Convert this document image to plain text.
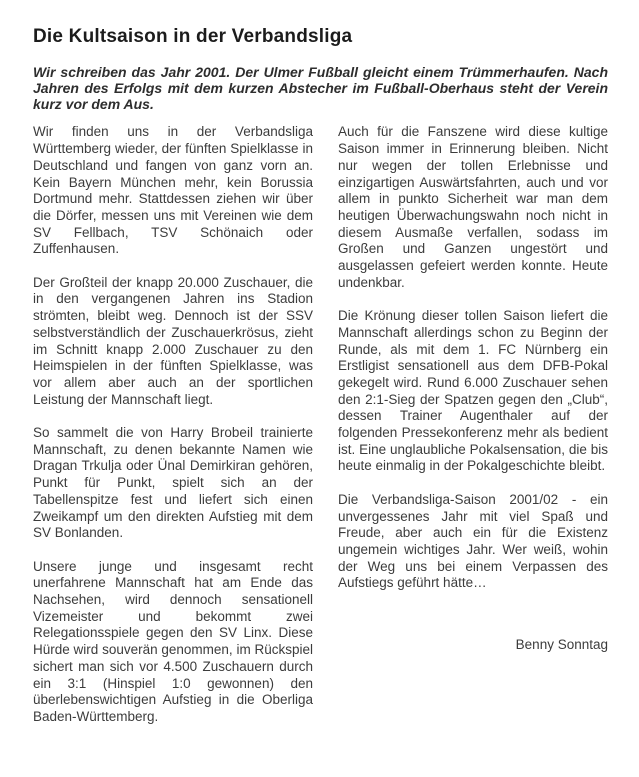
Die Kultsaison in der Verbandsliga

Wir schreiben das Jahr 2001. Der Ulmer Fußball gleicht einem Trümmerhaufen. Nach Jahren des Erfolgs mit dem kurzen Abstecher im Fußball-Oberhaus steht der Verein kurz vor dem Aus.

Wir finden uns in der Verbandsliga Württemberg wieder, der fünften Spielklasse in Deutschland und fangen von ganz vorn an. Kein Bayern München mehr, kein Borussia Dortmund mehr. Stattdessen ziehen wir über die Dörfer, messen uns mit Vereinen wie dem SV Fellbach, TSV Schönaich oder Zuffenhausen.

Der Großteil der knapp 20.000 Zuschauer, die in den vergangenen Jahren ins Stadion strömten, bleibt weg. Dennoch ist der SSV selbstverständlich der Zuschauerkrösus, zieht im Schnitt knapp 2.000 Zuschauer zu den Heimspielen in der fünften Spielklasse, was vor allem aber auch an der sportlichen Leistung der Mannschaft liegt.

So sammelt die von Harry Brobeil trainierte Mannschaft, zu denen bekannte Namen wie Dragan Trkulja oder Ünal Demirkiran gehören, Punkt für Punkt, spielt sich an der Tabellenspitze fest und liefert sich einen Zweikampf um den direkten Aufstieg mit dem SV Bonlanden.

Unsere junge und insgesamt recht unerfahrene Mannschaft hat am Ende das Nachsehen, wird dennoch sensationell Vizemeister und bekommt zwei Relegationsspiele gegen den SV Linx. Diese Hürde wird souverän genommen, im Rückspiel sichert man sich vor 4.500 Zuschauern durch ein 3:1 (Hinspiel 1:0 gewonnen) den überlebenswichtigen Aufstieg in die Oberliga Baden-Württemberg.

Auch für die Fanszene wird diese kultige Saison immer in Erinnerung bleiben. Nicht nur wegen der tollen Erlebnisse und einzigartigen Auswärtsfahrten, auch und vor allem in punkto Sicherheit war man dem heutigen Überwachungswahn noch nicht in diesem Ausmaße verfallen, sodass im Großen und Ganzen ungestört und ausgelassen gefeiert werden konnte. Heute undenkbar.

Die Krönung dieser tollen Saison liefert die Mannschaft allerdings schon zu Beginn der Runde, als mit dem 1. FC Nürnberg ein Erstligist sensationell aus dem DFB-Pokal gekegelt wird. Rund 6.000 Zuschauer sehen den 2:1-Sieg der Spatzen gegen den „Club“, dessen Trainer Augenthaler auf der folgenden Pressekonferenz mehr als bedient ist. Eine unglaubliche Pokalsensation, die bis heute einmalig in der Pokalgeschichte bleibt.

Die Verbandsliga-Saison 2001/02 - ein unvergessenes Jahr mit viel Spaß und Freude, aber auch ein für die Existenz ungemein wichtiges Jahr. Wer weiß, wohin der Weg uns bei einem Verpassen des Aufstiegs geführt hätte…

Benny Sonntag
